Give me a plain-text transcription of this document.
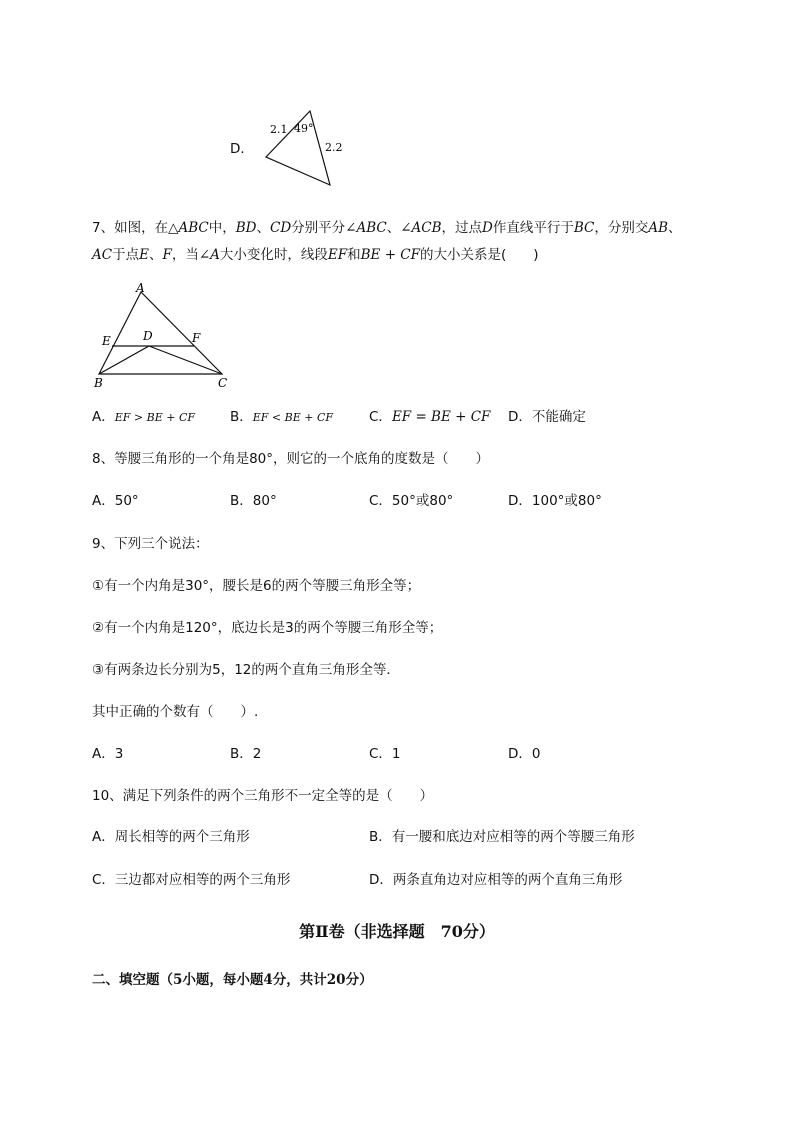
D．
2.1 49°
2.2
7、如图，在△ABC中，BD、CD分别平分∠ABC、∠ACB，过点D作直线平行于BC，分别交AB、
AC于点E、F，当∠A大小变化时，线段EF和BE + CF的大小关系是(　　)
A
E	D	F
B	C
A．EF > BE + CF	B．EF < BE + CF	C．EF = BE + CF D．不能确定
8、等腰三角形的一个角是80°，则它的一个底角的度数是（　　）
A．50°	B．80°	C．50°或80°	D．100°或80°
9、下列三个说法：
①有一个内角是30°，腰长是6的两个等腰三角形全等；
②有一个内角是120°，底边长是3的两个等腰三角形全等；
③有两条边长分别为5，12的两个直角三角形全等．
其中正确的个数有（　　）.
A．3	B．2	C．1	D．0
10、满足下列条件的两个三角形不一定全等的是（　　）
A．周长相等的两个三角形	B．有一腰和底边对应相等的两个等腰三角形
C．三边都对应相等的两个三角形	D．两条直角边对应相等的两个直角三角形
第Ⅱ卷（非选择题　70分）
二、填空题（5小题，每小题4分，共计20分）
